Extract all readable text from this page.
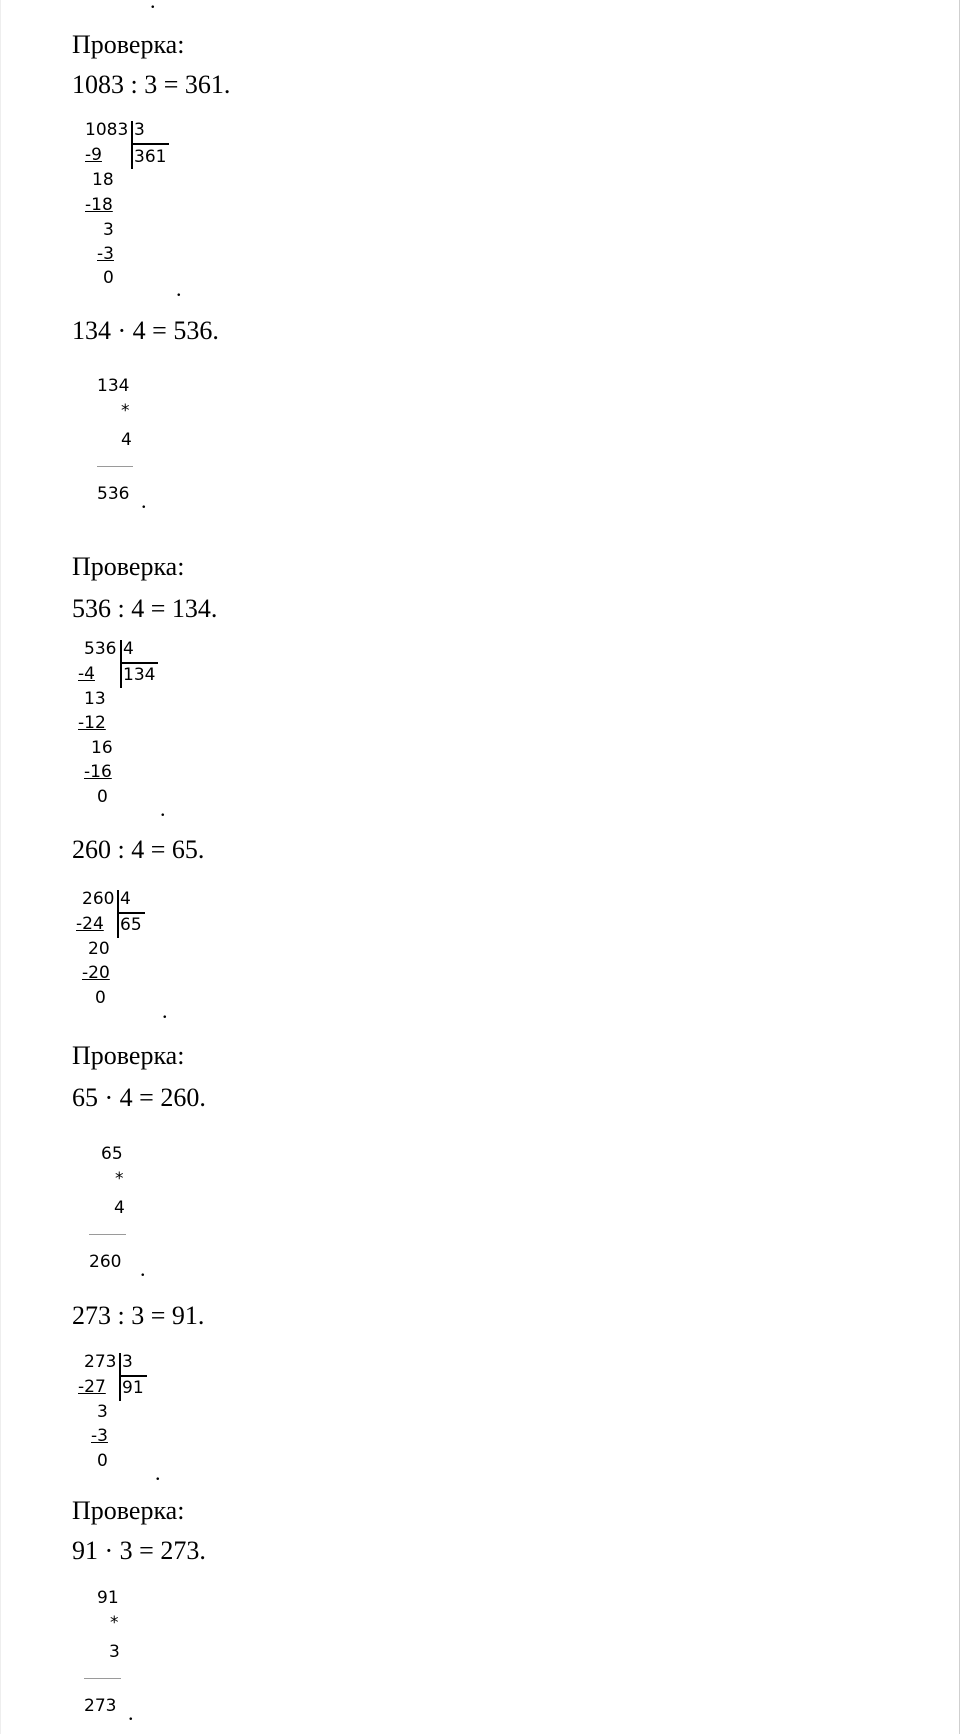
.
Проверка:
1083 : 3 = 361.
1083 3
361
-9
18
-18
3
-3
0	.
134 · 4 = 536.
134
*
4
536 .
Проверка:
536 : 4 = 134.
536 4
134
-4
13
-12
16
-16
0 .
260 : 4 = 65.
260 4
65
-24
20
-20
0	.
Проверка:
65 · 4 = 260.
65
*
4
260 .
273 : 3 = 91.
273 3
91
-27
3
-3
0 .
Проверка:
91 · 3 = 273.
91
*
3
273 .
